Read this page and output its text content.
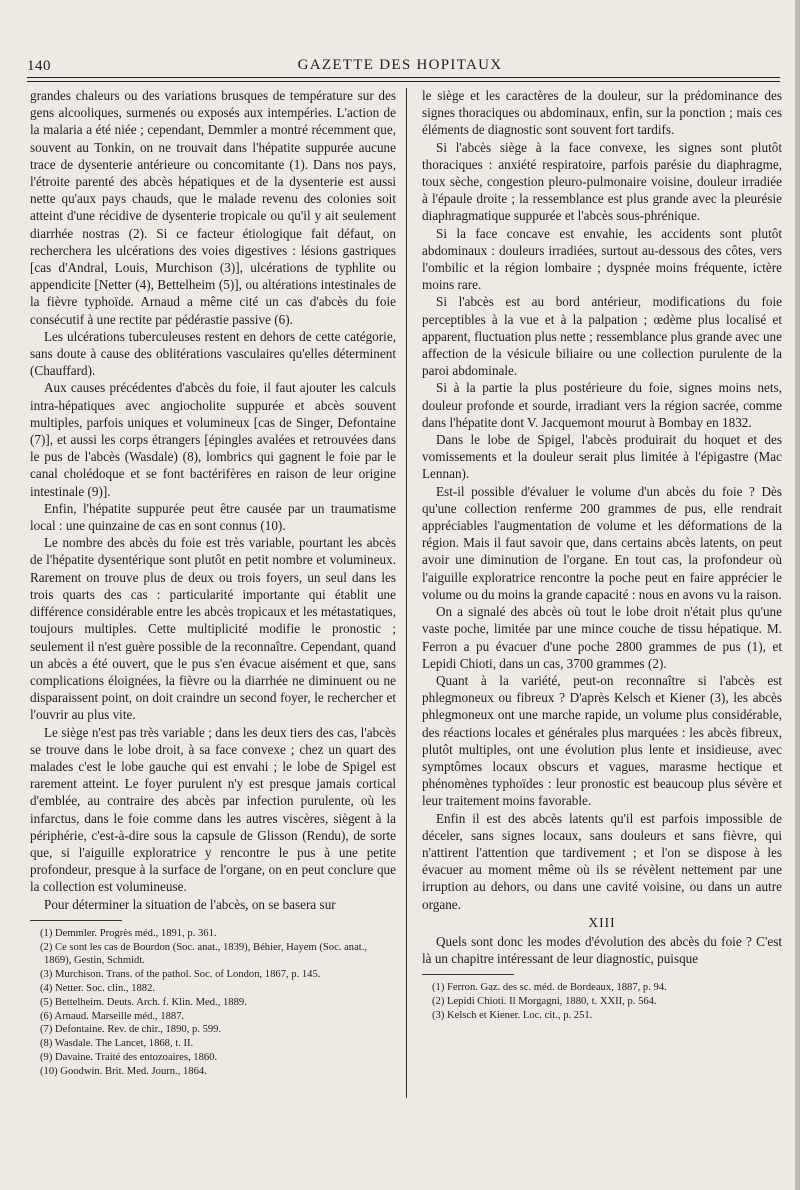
140	GAZETTE DES HOPITAUX

grandes chaleurs ou des variations brusques de température sur des gens alcooliques, surmenés ou exposés aux intempéries. L'action de la malaria a été niée ; cependant, Demmler a montré récemment que, souvent au Tonkin, on ne trouvait dans l'hépatite suppurée aucune trace de dysenterie antérieure ou concomitante (1). Dans nos pays, l'étroite parenté des abcès hépatiques et de la dysenterie est aussi nette qu'aux pays chauds, que le malade revenu des colonies soit atteint d'une récidive de dysenterie tropicale ou qu'il y ait seulement diarrhée nostras (2). Si ce facteur étiologique fait défaut, on recherchera les ulcérations des voies digestives : lésions gastriques [cas d'Andral, Louis, Murchison (3)], ulcérations de typhlite ou appendicite [Netter (4), Bettelheim (5)], ou altérations intestinales de la fièvre typhoïde. Arnaud a même cité un cas d'abcès du foie consécutif à une rectite par pédérastie passive (6).

Les ulcérations tuberculeuses restent en dehors de cette catégorie, sans doute à cause des oblitérations vasculaires qu'elles déterminent (Chauffard).

Aux causes précédentes d'abcès du foie, il faut ajouter les calculs intra-hépatiques avec angiocholite suppurée et abcès souvent multiples, parfois uniques et volumineux [cas de Singer, Defontaine (7)], et aussi les corps étrangers [épingles avalées et retrouvées dans le pus de l'abcès (Wasdale) (8), lombrics qui gagnent le foie par le canal cholédoque et se font bactérifères en raison de leur origine intestinale (9)].

Enfin, l'hépatite suppurée peut être causée par un traumatisme local : une quinzaine de cas en sont connus (10).

Le nombre des abcès du foie est très variable, pourtant les abcès de l'hépatite dysentérique sont plutôt en petit nombre et volumineux. Rarement on trouve plus de deux ou trois foyers, un seul dans les trois quarts des cas : particularité importante qui établit une différence considérable entre les abcès tropicaux et les métastatiques, toujours multiples. Cette multiplicité modifie le pronostic ; seulement il n'est guère possible de la reconnaître. Cependant, quand un abcès a été ouvert, que le pus s'en évacue aisément et que, sans complications éloignées, la fièvre ou la diarrhée ne diminuent ou ne disparaissent point, on doit craindre un second foyer, le rechercher et l'ouvrir au plus vite.

Le siège n'est pas très variable ; dans les deux tiers des cas, l'abcès se trouve dans le lobe droit, à sa face convexe ; chez un quart des malades c'est le lobe gauche qui est envahi ; le lobe de Spigel est rarement atteint. Le foyer purulent n'y est presque jamais cortical d'emblée, au contraire des abcès par infection purulente, où les infarctus, dans le foie comme dans les autres viscères, siègent à la périphérie, c'est-à-dire sous la capsule de Glisson (Rendu), de sorte que, si l'aiguille exploratrice y rencontre le pus à une petite profondeur, presque à la surface de l'organe, on en peut conclure que la collection est volumineuse.

Pour déterminer la situation de l'abcès, on se basera sur

(1) Demmler. Progrès méd., 1891, p. 361.
(2) Ce sont les cas de Bourdon (Soc. anat., 1839), Béhier, Hayem (Soc. anat., 1869), Gestin, Schmidt.
(3) Murchison. Trans. of the pathol. Soc. of London, 1867, p. 145.
(4) Netter. Soc. clin., 1882.
(5) Bettelheim. Deuts. Arch. f. Klin. Med., 1889.
(6) Arnaud. Marseille méd., 1887.
(7) Defontaine. Rev. de chir., 1890, p. 599.
(8) Wasdale. The Lancet, 1868, t. II.
(9) Davaine. Traité des entozoaires, 1860.
(10) Goodwin. Brit. Med. Journ., 1864.

le siège et les caractères de la douleur, sur la prédominance des signes thoraciques ou abdominaux, enfin, sur la ponction ; mais ces éléments de diagnostic sont souvent fort tardifs.

Si l'abcès siège à la face convexe, les signes sont plutôt thoraciques : anxiété respiratoire, parfois parésie du diaphragme, toux sèche, congestion pleuro-pulmonaire voisine, douleur irradiée à l'épaule droite ; la ressemblance est plus grande avec la pleurésie diaphragmatique suppurée et l'abcès sous-phrénique.

Si la face concave est envahie, les accidents sont plutôt abdominaux : douleurs irradiées, surtout au-dessous des côtes, vers l'ombilic et la région lombaire ; dyspnée moins fréquente, ictère moins rare.

Si l'abcès est au bord antérieur, modifications du foie perceptibles à la vue et à la palpation ; œdème plus localisé et apparent, fluctuation plus nette ; ressemblance plus grande avec une affection de la vésicule biliaire ou une collection purulente de la paroi abdominale.

Si à la partie la plus postérieure du foie, signes moins nets, douleur profonde et sourde, irradiant vers la région sacrée, comme dans l'hépatite dont V. Jacquemont mourut à Bombay en 1832.

Dans le lobe de Spigel, l'abcès produirait du hoquet et des vomissements et la douleur serait plus limitée à l'épigastre (Mac Lennan).

Est-il possible d'évaluer le volume d'un abcès du foie ? Dès qu'une collection renferme 200 grammes de pus, elle rendrait appréciables l'augmentation de volume et les déformations de la région. Mais il faut savoir que, dans certains abcès latents, on peut avoir une diminution de l'organe. En tout cas, la profondeur où l'aiguille exploratrice rencontre la poche peut en faire apprécier le volume ou du moins la grande capacité : nous en avons vu la raison.

On a signalé des abcès où tout le lobe droit n'était plus qu'une vaste poche, limitée par une mince couche de tissu hépatique. M. Ferron a pu évacuer d'une poche 2800 grammes de pus (1), et Lepidi Chioti, dans un cas, 3700 grammes (2).

Quant à la variété, peut-on reconnaître si l'abcès est phlegmoneux ou fibreux ? D'après Kelsch et Kiener (3), les abcès phlegmoneux ont une marche rapide, un volume plus considérable, des réactions locales et générales plus marquées : les abcès fibreux, plutôt multiples, ont une évolution plus lente et insidieuse, avec symptômes locaux obscurs et vagues, marasme hectique et phénomènes typhoïdes : leur pronostic est beaucoup plus sévère et leur traitement moins favorable.

Enfin il est des abcès latents qu'il est parfois impossible de déceler, sans signes locaux, sans douleurs et sans fièvre, qui n'attirent l'attention que tardivement ; et l'on se dispose à les évacuer au moment même où ils se révèlent nettement par une irruption au dehors, ou dans une cavité voisine, ou dans un autre organe.

XIII

Quels sont donc les modes d'évolution des abcès du foie ? C'est là un chapitre intéressant de leur diagnostic, puisque

(1) Ferron. Gaz. des sc. méd. de Bordeaux, 1887, p. 94.
(2) Lepidi Chioti. Il Morgagni, 1880, t. XXII, p. 564.
(3) Kelsch et Kiener. Loc. cit., p. 251.
